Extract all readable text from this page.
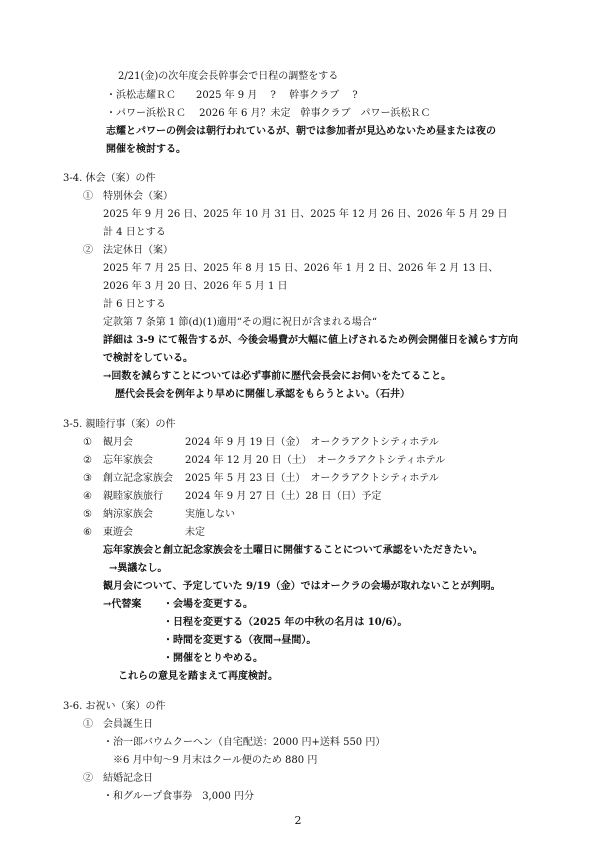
2/21(金)の次年度会長幹事会で日程の調整をする
・浜松志耀ＲＣ　　2025 年 9 月　 ?　 幹事クラブ　 ?
・パワー浜松ＲＣ　 2026 年 6 月？未定　幹事クラブ　パワー浜松ＲＣ
志耀とパワーの例会は朝行われているが、朝では参加者が見込めないため昼または夜の
開催を検討する。
3-4. 休会（案）の件
①　特別休会（案）
2025 年 9 月 26 日、2025 年 10 月 31 日、2025 年 12 月 26 日、2026 年 5 月 29 日
計 4 日とする
②　法定休日（案）
2025 年 7 月 25 日、2025 年 8 月 15 日、2026 年 1 月 2 日、2026 年 2 月 13 日、
2026 年 3 月 20 日、2026 年 5 月 1 日
計 6 日とする
定款第 7 条第 1 節(d)(1)適用“その週に祝日が含まれる場合“
詳細は 3-9 にて報告するが、今後会場費が大幅に値上げされるため例会開催日を減らす方向
で検討をしている。
→回数を減らすことについては必ず事前に歴代会長会にお伺いをたてること。
歴代会長会を例年より早めに開催し承認をもらうとよい。（石井）
3-5. 親睦行事（案）の件
① 観月会	2024 年 9 月 19 日（金）　オークラアクトシティホテル
② 忘年家族会	2024 年 12 月 20 日（土）　オークラアクトシティホテル
③ 創立記念家族会 2025 年 5 月 23 日（土）　オークラアクトシティホテル
④ 親睦家族旅行 2024 年 9 月 27 日（土）28 日（日）予定
⑤ 納涼家族会	実施しない
⑥ 東遊会	未定
忘年家族会と創立記念家族会を土曜日に開催することについて承認をいただきたい。
→異議なし。
観月会について、予定していた 9/19（金）ではオークラの会場が取れないことが判明。
→代替案 ・会場を変更する。
・日程を変更する（2025 年の中秋の名月は 10/6）。
・時間を変更する（夜間→昼間）。
・開催をとりやめる。
これらの意見を踏まえて再度検討。
3-6. お祝い（案）の件
①　会員誕生日
・治一郎バウムクーヘン（自宅配送：2000 円+送料 550 円）
※6 月中旬～9 月末はクール便のため 880 円
②　結婚記念日
・和グループ食事券　3,000 円分
2
